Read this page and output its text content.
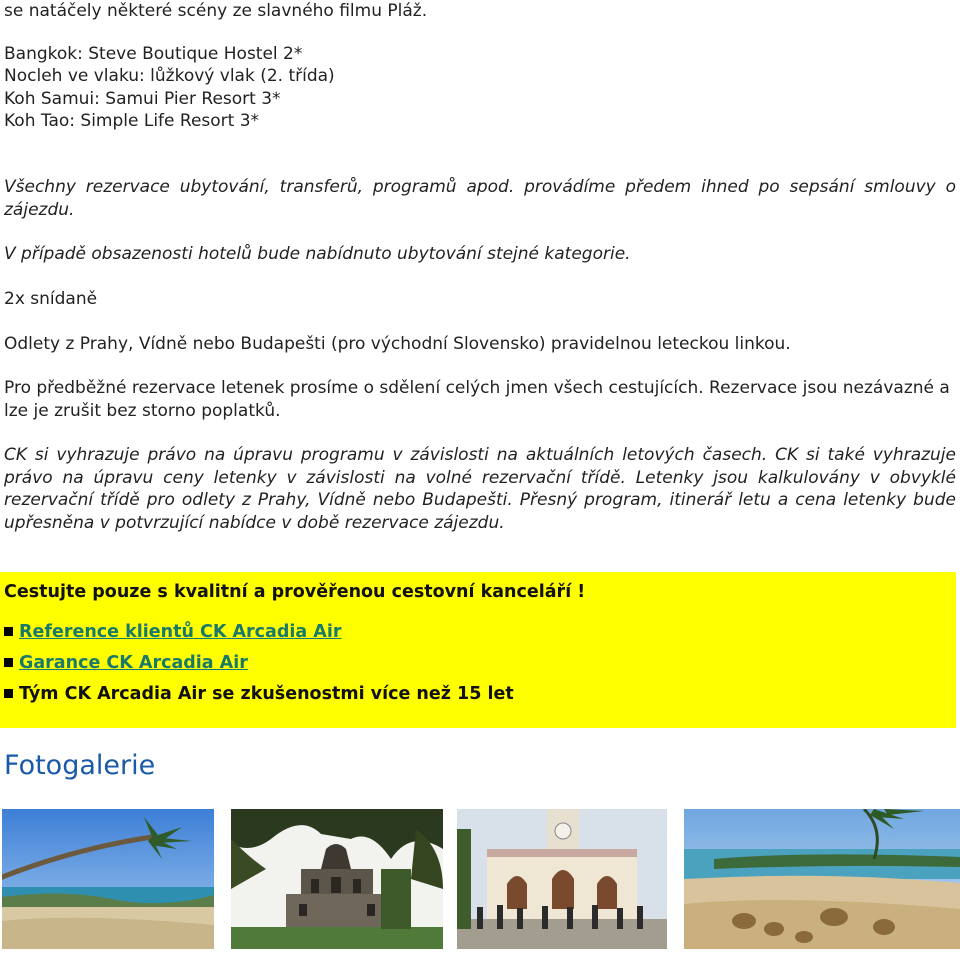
se natáčely některé scény ze slavného filmu Pláž.
Bangkok: Steve Boutique Hostel 2*
Nocleh ve vlaku: lůžkový vlak (2. třída)
Koh Samui: Samui Pier Resort 3*
Koh Tao: Simple Life Resort 3*
Všechny rezervace ubytování, transferů, programů apod. provádíme předem ihned po sepsání smlouvy o zájezdu.
V případě obsazenosti hotelů bude nabídnuto ubytování stejné kategorie.
2x snídaně
Odlety z Prahy, Vídně nebo Budapešti (pro východní Slovensko) pravidelnou leteckou linkou.
Pro předběžné rezervace letenek prosíme o sdělení celých jmen všech cestujících. Rezervace jsou nezávazné a lze je zrušit bez storno poplatků.
CK si vyhrazuje právo na úpravu programu v závislosti na aktuálních letových časech. CK si také vyhrazuje právo na úpravu ceny letenky v závislosti na volné rezervační třídě. Letenky jsou kalkulovány v obvyklé rezervační třídě pro odlety z Prahy, Vídně nebo Budapešti. Přesný program, itinerář letu a cena letenky bude upřesněna v potvrzující nabídce v době rezervace zájezdu.
Cestujte pouze s kvalitní a prověřenou cestovní kanceláří !
Reference klientů CK Arcadia Air
Garance CK Arcadia Air
Tým CK Arcadia Air se zkušenostmi více než 15 let
Fotogalerie
